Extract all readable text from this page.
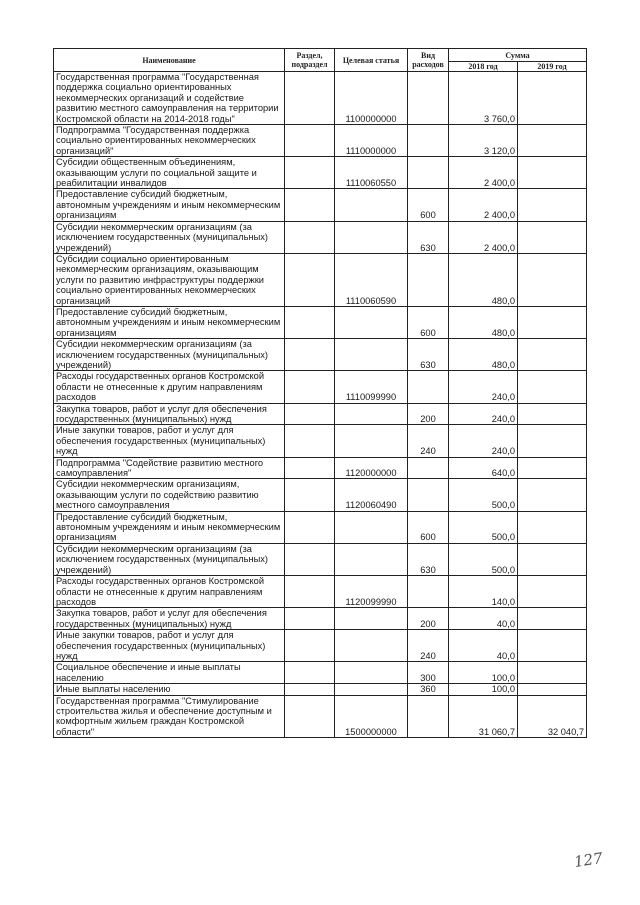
Наименование	Раздел, подраздел	Целевая статья	Вид расходов	Сумма	
				2018 год	2019 год
Государственная программа "Государственная поддержка социально ориентированных некоммерческих организаций и содействие развитию местного самоуправления на территории Костромской области на 2014-2018 годы"		1100000000		3 760,0	
Подпрограмма "Государственная поддержка социально ориентированных некоммерческих организаций"		1110000000		3 120,0	
Субсидии общественным объединениям, оказывающим услуги по социальной защите и реабилитации инвалидов		1110060550		2 400,0	
Предоставление субсидий бюджетным, автономным учреждениям и иным некоммерческим организациям			600	2 400,0	
Субсидии некоммерческим организациям (за исключением государственных (муниципальных) учреждений)			630	2 400,0	
Субсидии социально ориентированным некоммерческим организациям, оказывающим услуги по развитию инфраструктуры поддержки социально ориентированных некоммерческих организаций		1110060590		480,0	
Предоставление субсидий бюджетным, автономным учреждениям и иным некоммерческим организациям			600	480,0	
Субсидии некоммерческим организациям (за исключением государственных (муниципальных) учреждений)			630	480,0	
Расходы государственных органов Костромской области не отнесенные к другим направлениям расходов		1110099990		240,0	
Закупка товаров, работ и услуг для обеспечения государственных (муниципальных) нужд			200	240,0	
Иные закупки товаров, работ и услуг для обеспечения государственных (муниципальных) нужд			240	240,0	
Подпрограмма "Содействие развитию местного самоуправления"		1120000000		640,0	
Субсидии некоммерческим организациям, оказывающим услуги по содействию развитию местного самоуправления		1120060490		500,0	
Предоставление субсидий бюджетным, автономным учреждениям и иным некоммерческим организациям			600	500,0	
Субсидии некоммерческим организациям (за исключением государственных (муниципальных) учреждений)			630	500,0	
Расходы государственных органов Костромской области не отнесенные к другим направлениям расходов		1120099990		140,0	
Закупка товаров, работ и услуг для обеспечения государственных (муниципальных) нужд			200	40,0	
Иные закупки товаров, работ и услуг для обеспечения государственных (муниципальных) нужд			240	40,0	
Социальное обеспечение и иные выплаты населению			300	100,0	
Иные выплаты населению			360	100,0	
Государственная программа "Стимулирование строительства жилья и обеспечение доступным и комфортным жильем граждан Костромской области"		1500000000		31 060,7	32 040,7
127
